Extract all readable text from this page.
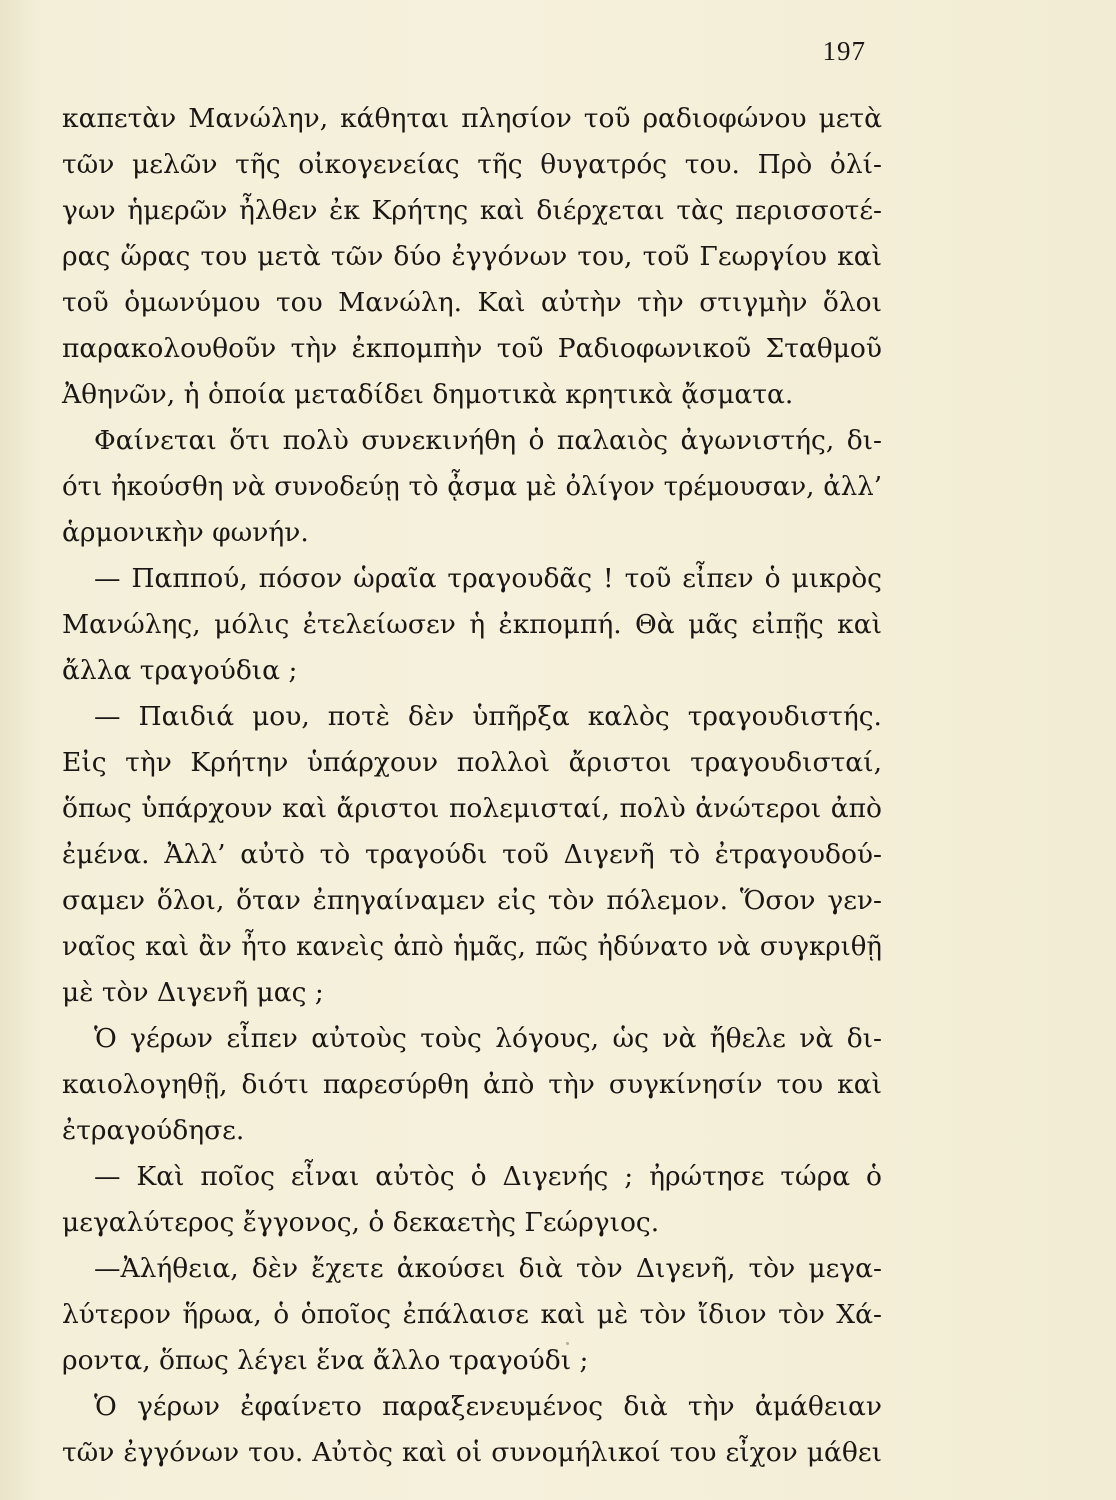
197
καπετὰν Μανώλην, κάθηται πλησίον τοῦ ραδιοφώνου μετὰ
τῶν μελῶν τῆς οἰκογενείας τῆς θυγατρός του. Πρὸ ὀλί-
γων ἡμερῶν ἦλθεν ἐκ Κρήτης καὶ διέρχεται τὰς περισσοτέ-
ρας ὥρας του μετὰ τῶν δύο ἐγγόνων του, τοῦ Γεωργίου καὶ
τοῦ ὁμωνύμου του Μανώλη. Καὶ αὐτὴν τὴν στιγμὴν ὅλοι
παρακολουθοῦν τὴν ἐκπομπὴν τοῦ Ραδιοφωνικοῦ Σταθμοῦ
Ἀθηνῶν, ἡ ὁποία μεταδίδει δημοτικὰ κρητικὰ ᾄσματα.
Φαίνεται ὅτι πολὺ συνεκινήθη ὁ παλαιὸς ἀγωνιστής, δι-
ότι ἠκούσθη νὰ συνοδεύῃ τὸ ᾆσμα μὲ ὀλίγον τρέμουσαν, ἀλλ’
ἁρμονικὴν φωνήν.
— Παππού, πόσον ὡραῖα τραγουδᾶς ! τοῦ εἶπεν ὁ μικρὸς
Μανώλης, μόλις ἐτελείωσεν ἡ ἐκπομπή. Θὰ μᾶς εἰπῇς καὶ
ἄλλα τραγούδια ;
— Παιδιά μου, ποτὲ δὲν ὑπῆρξα καλὸς τραγουδιστής.
Εἰς τὴν Κρήτην ὑπάρχουν πολλοὶ ἄριστοι τραγουδισταί,
ὅπως ὑπάρχουν καὶ ἄριστοι πολεμισταί, πολὺ ἀνώτεροι ἀπὸ
ἐμένα. Ἀλλ’ αὐτὸ τὸ τραγούδι τοῦ Διγενῆ τὸ ἐτραγουδού-
σαμεν ὅλοι, ὅταν ἐπηγαίναμεν εἰς τὸν πόλεμον. Ὅσον γεν-
ναῖος καὶ ἂν ἦτο κανεὶς ἀπὸ ἡμᾶς, πῶς ἠδύνατο νὰ συγκριθῇ
μὲ τὸν Διγενῆ μας ;
Ὁ γέρων εἶπεν αὐτοὺς τοὺς λόγους, ὡς νὰ ἤθελε νὰ δι-
καιολογηθῇ, διότι παρεσύρθη ἀπὸ τὴν συγκίνησίν του καὶ
ἐτραγούδησε.
— Καὶ ποῖος εἶναι αὐτὸς ὁ Διγενής ; ἠρώτησε τώρα ὁ
μεγαλύτερος ἔγγονος, ὁ δεκαετὴς Γεώργιος.
—Ἀλήθεια, δὲν ἔχετε ἀκούσει διὰ τὸν Διγενῆ, τὸν μεγα-
λύτερον ἥρωα, ὁ ὁποῖος ἐπάλαισε καὶ μὲ τὸν ἴδιον τὸν Χά-
ροντα, ὅπως λέγει ἕνα ἄλλο τραγούδι ;
Ὁ γέρων ἐφαίνετο παραξενευμένος διὰ τὴν ἀμάθειαν
τῶν ἐγγόνων του. Αὐτὸς καὶ οἱ συνομήλικοί του εἶχον μάθει
